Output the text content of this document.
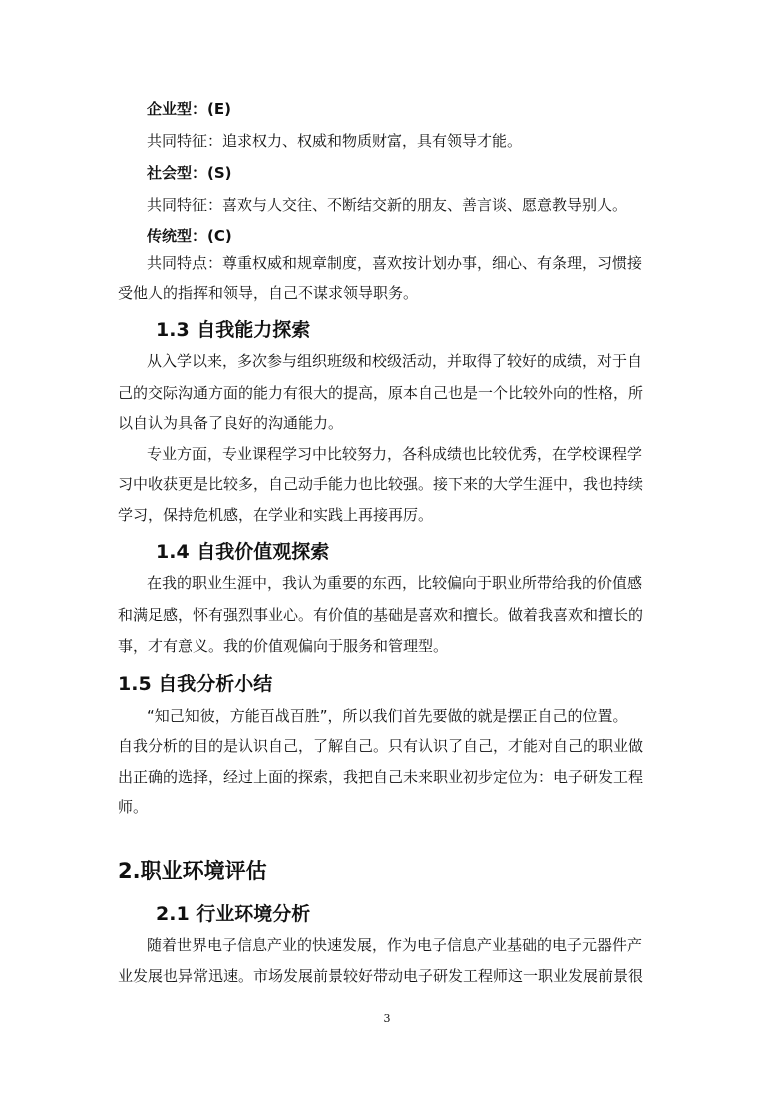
企业型：(E)
共同特征：追求权力、权威和物质财富，具有领导才能。
社会型：(S)
共同特征：喜欢与人交往、不断结交新的朋友、善言谈、愿意教导别人。
传统型：(C)
共同特点：尊重权威和规章制度，喜欢按计划办事，细心、有条理，习惯接
受他人的指挥和领导，自己不谋求领导职务。
1.3 自我能力探索
从入学以来，多次参与组织班级和校级活动，并取得了较好的成绩，对于自
己的交际沟通方面的能力有很大的提高，原本自己也是一个比较外向的性格，所
以自认为具备了良好的沟通能力。
专业方面，专业课程学习中比较努力，各科成绩也比较优秀，在学校课程学
习中收获更是比较多，自己动手能力也比较强。接下来的大学生涯中，我也持续
学习，保持危机感，在学业和实践上再接再厉。
1.4 自我价值观探索
在我的职业生涯中，我认为重要的东西，比较偏向于职业所带给我的价值感
和满足感，怀有强烈事业心。有价值的基础是喜欢和擅长。做着我喜欢和擅长的
事，才有意义。我的价值观偏向于服务和管理型。
1.5 自我分析小结
“知己知彼，方能百战百胜”，所以我们首先要做的就是摆正自己的位置。
自我分析的目的是认识自己，了解自己。只有认识了自己，才能对自己的职业做
出正确的选择，经过上面的探索，我把自己未来职业初步定位为：电子研发工程
师。
2.职业环境评估
2.1 行业环境分析
随着世界电子信息产业的快速发展，作为电子信息产业基础的电子元器件产
业发展也异常迅速。市场发展前景较好带动电子研发工程师这一职业发展前景很
3
